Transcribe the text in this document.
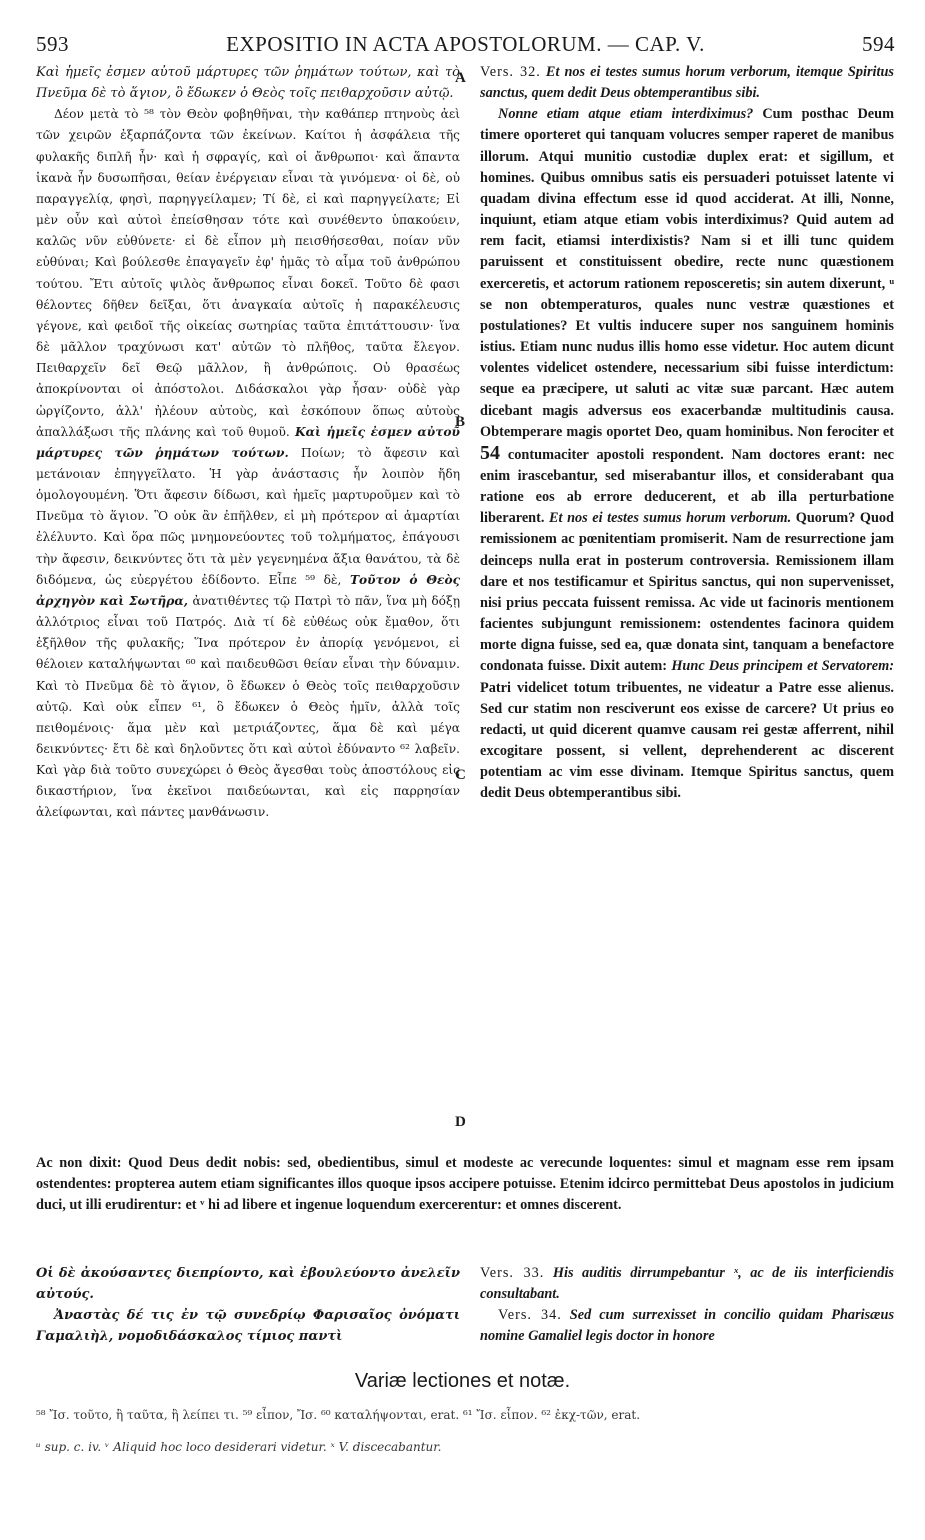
593	EXPOSITIO IN ACTA APOSTOLORUM. — CAP. V.	594

Καὶ ἡμεῖς ἐσμεν αὐτοῦ μάρτυρες τῶν ῥημάτων τούτων, καὶ τὸ Πνεῦμα δὲ τὸ ἅγιον, ὃ ἔδωκεν ὁ Θεὸς τοῖς πειθαρχοῦσιν αὐτῷ.

Δέον μετὰ τὸ ⁵⁸ τὸν Θεὸν φοβηθῆναι, τὴν καθάπερ πτηνοὺς ἀεὶ τῶν χειρῶν ἐξαρπάζοντα τῶν ἐκείνων. Καίτοι ἡ ἀσφάλεια τῆς φυλακῆς διπλῆ ἦν· καὶ ἡ σφραγίς, καὶ οἱ ἄνθρωποι· καὶ ἅπαντα ἱκανὰ ἦν δυσωπῆσαι, θείαν ἐνέργειαν εἶναι τὰ γινόμενα· οἱ δὲ, οὐ παραγγελίᾳ, φησὶ, παρηγγείλαμεν; Τί δὲ, εἰ καὶ παρηγγείλατε; Εἰ μὲν οὖν καὶ αὐτοὶ ἐπείσθησαν τότε καὶ συνέθεντο ὑπακούειν, καλῶς νῦν εὐθύνετε· εἰ δὲ εἶπον μὴ πεισθήσεσθαι, ποίαν νῦν εὐθύναι; Καὶ βούλεσθε ἐπαγαγεῖν ἐφ' ἡμᾶς τὸ αἷμα τοῦ ἀνθρώπου τούτου. Ἔτι αὐτοῖς ψιλὸς ἄνθρωπος εἶναι δοκεῖ. Τοῦτο δὲ φασι θέλοντες δῆθεν δεῖξαι, ὅτι ἀναγκαία αὐτοῖς ἡ παρακέλευσις γέγονε, καὶ φειδοῖ τῆς οἰκείας σωτηρίας ταῦτα ἐπιτάττουσιν· ἵνα δὲ μᾶλλον τραχύνωσι κατ' αὐτῶν τὸ πλῆθος, ταῦτα ἔλεγον. Πειθαρχεῖν δεῖ Θεῷ μᾶλλον, ἢ ἀνθρώποις. Οὐ θρασέως ἀποκρίνονται οἱ ἀπόστολοι. Διδάσκαλοι γὰρ ἦσαν· οὐδὲ γὰρ ὠργίζοντο, ἀλλ' ἠλέουν αὐτοὺς, καὶ ἐσκόπουν ὅπως αὐτοὺς ἀπαλλάξωσι τῆς πλάνης καὶ τοῦ θυμοῦ. Καὶ ἡμεῖς ἐσμεν αὐτοῦ μάρτυρες τῶν ῥημάτων τούτων. Ποίων; τὸ ἄφεσιν καὶ μετάνοιαν ἐπηγγεῖλατο. Ἡ γὰρ ἀνάστασις ἦν λοιπὸν ἤδη ὁμολογουμένη. Ὅτι ἄφεσιν δίδωσι, καὶ ἡμεῖς μαρτυροῦμεν καὶ τὸ Πνεῦμα τὸ ἅγιον. Ὃ οὐκ ἂν ἐπῆλθεν, εἰ μὴ πρότερον αἱ ἁμαρτίαι ἐλέλυντο. Καὶ ὅρα πῶς μνημονεύοντες τοῦ τολμήματος, ἐπάγουσι τὴν ἄφεσιν, δεικνύντες ὅτι τὰ μὲν γεγενημένα ἄξια θανάτου, τὰ δὲ διδόμενα, ὡς εὐεργέτου ἐδίδοντο. Εἶπε ⁵⁹ δὲ, Τοῦτον ὁ Θεὸς ἀρχηγὸν καὶ Σωτῆρα, ἀνατιθέντες τῷ Πατρὶ τὸ πᾶν, ἵνα μὴ δόξῃ ἀλλότριος εἶναι τοῦ Πατρός. Διὰ τί δὲ εὐθέως οὐκ ἔμαθον, ὅτι ἐξῆλθον τῆς φυλακῆς; Ἵνα πρότερον ἐν ἀπορίᾳ γενόμενοι, εἰ θέλοιεν καταλήψωνται ⁶⁰ καὶ παιδευθῶσι θείαν εἶναι τὴν δύναμιν. Καὶ τὸ Πνεῦμα δὲ τὸ ἅγιον, ὃ ἔδωκεν ὁ Θεὸς τοῖς πειθαρχοῦσιν αὐτῷ. Καὶ οὐκ εἶπεν ⁶¹, ὃ ἔδωκεν ὁ Θεὸς ἡμῖν, ἀλλὰ τοῖς πειθομένοις· ἅμα μὲν καὶ μετριάζοντες, ἅμα δὲ καὶ μέγα δεικνύντες· ἔτι δὲ καὶ δηλοῦντες ὅτι καὶ αὐτοὶ ἐδύναντο ⁶² λαβεῖν. Καὶ γὰρ διὰ τοῦτο συνεχώρει ὁ Θεὸς ἄγεσθαι τοὺς ἀποστόλους εἰς δικαστήριον, ἵνα ἐκεῖνοι παιδεύωνται, καὶ εἰς παρρησίαν ἀλείφωνται, καὶ πάντες μανθάνωσιν.

A
B
C
D

Vers. 32. Et nos ei testes sumus horum verborum, itemque Spiritus sanctus, quem dedit Deus obtemperantibus sibi.

Nonne etiam atque etiam interdiximus? Cum posthac Deum timere oporteret qui tanquam volucres semper raperet de manibus illorum. Atqui munitio custodiæ duplex erat: et sigillum, et homines. Quibus omnibus satis eis persuaderi potuisset latente vi quadam divina effectum esse id quod acciderat. At illi, Nonne, inquiunt, etiam atque etiam vobis interdiximus? Quid autem ad rem facit, etiamsi interdixistis? Nam si et illi tunc quidem paruissent et constituissent obedire, recte nunc quæstionem exerceretis, et actorum rationem reposceretis; sin autem dixerunt, ᵘ se non obtemperaturos, quales nunc vestræ quæstiones et postulationes? Et vultis inducere super nos sanguinem hominis istius. Etiam nunc nudus illis homo esse videtur. Hoc autem dicunt volentes videlicet ostendere, necessarium sibi fuisse interdictum: seque ea præcipere, ut saluti ac vitæ suæ parcant. Hæc autem dicebant magis adversus eos exacerbandæ multitudinis causa. Obtemperare magis oportet Deo, quam hominibus. Non ferociter et 54 contumaciter apostoli respondent. Nam doctores erant: nec enim irascebantur, sed miserabantur illos, et considerabant qua ratione eos ab errore deducerent, et ab illa perturbatione liberarent. Et nos ei testes sumus horum verborum. Quorum? Quod remissionem ac pœnitentiam promiserit. Nam de resurrectione jam deinceps nulla erat in posterum controversia. Remissionem illam dare et nos testificamur et Spiritus sanctus, qui non supervenisset, nisi prius peccata fuissent remissa. Ac vide ut facinoris mentionem facientes subjungunt remissionem: ostendentes facinora quidem morte digna fuisse, sed ea, quæ donata sint, tanquam a benefactore condonata fuisse. Dixit autem: Hunc Deus principem et Servatorem: Patri videlicet totum tribuentes, ne videatur a Patre esse alienus. Sed cur statim non resciverunt eos exisse de carcere? Ut prius eo redacti, ut quid dicerent quamve causam rei gestæ afferrent, nihil excogitare possent, si vellent, deprehenderent ac discerent potentiam ac vim esse divinam. Itemque Spiritus sanctus, quem dedit Deus obtemperantibus sibi.

Ac non dixit: Quod Deus dedit nobis: sed, obedientibus, simul et modeste ac verecunde loquentes: simul et magnam esse rem ipsam ostendentes: propterea autem etiam significantes illos quoque ipsos accipere potuisse. Etenim idcirco permittebat Deus apostolos in judicium duci, ut illi erudirentur: et ᵛ hi ad libere et ingenue loquendum exercerentur: et omnes discerent.

Οἱ δὲ ἀκούσαντες διεπρίοντο, καὶ ἐβουλεύοντο ἀνελεῖν αὐτούς.

Ἀναστὰς δέ τις ἐν τῷ συνεδρίῳ Φαρισαῖος ὀνόματι Γαμαλιὴλ, νομοδιδάσκαλος τίμιος παντὶ

Vers. 33. His auditis dirrumpebantur ˣ, ac de iis interficiendis consultabant.

Vers. 34. Sed cum surrexisset in concilio quidam Pharisæus nomine Gamaliel legis doctor in honore

Variæ lectiones et notæ.

⁵⁸ Ἴσ. τοῦτο, ἢ ταῦτα, ἢ λείπει τι. ⁵⁹ εἶπον, Ἴσ. ⁶⁰ καταλήψονται, erat. ⁶¹ Ἴσ. εἶπον. ⁶² ἐκχ-τῶν, erat.

ᵘ sup. c. iv. ᵛ Aliquid hoc loco desiderari videtur. ˣ V. discecabantur.
